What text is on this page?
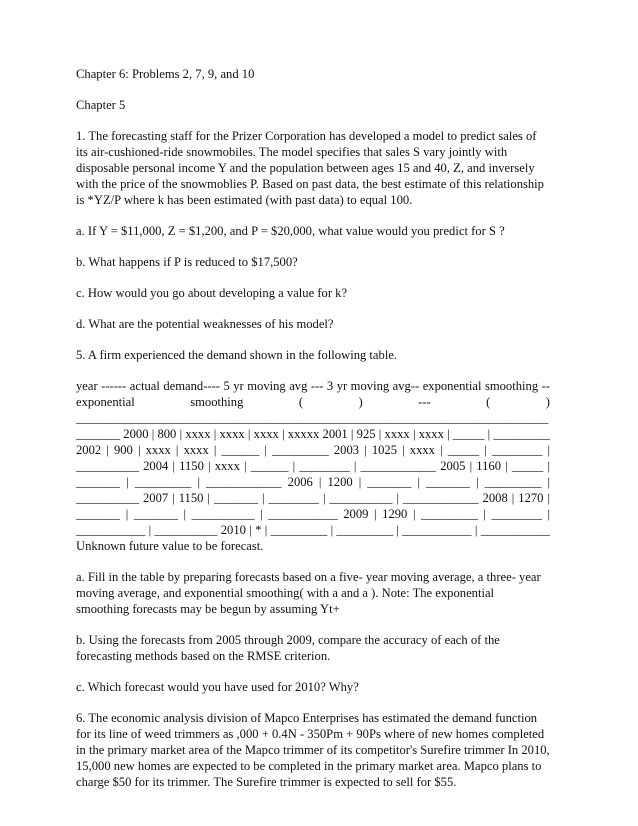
Chapter 6: Problems 2, 7, 9, and 10

Chapter 5

1. The forecasting staff for the Prizer Corporation has developed a model to predict sales of its air-cushioned-ride snowmobiles. The model specifies that sales S vary jointly with disposable personal income Y and the population between ages 15 and 40, Z, and inversely with the price of the snowmoblies P. Based on past data, the best estimate of this relationship is *YZ/P where k has been estimated (with past data) to equal 100.

a. If Y = $11,000, Z = $1,200, and P = $20,000, what value would you predict for S ?

b. What happens if P is reduced to $17,500?

c. How would you go about developing a value for k?

d. What are the potential weaknesses of his model?

5. A firm experienced the demand shown in the following table.

year ------ actual demand---- 5 yr moving avg --- 3 yr moving avg-- exponential smoothing -- exponential smoothing ( ) --- ( ) __________________________________________________________________________________ 2000 | 800 | xxxx | xxxx | xxxx | xxxxx 2001 | 925 | xxxx | xxxx | _____ | _________ 2002 | 900 | xxxx | xxxx | ______ | _________ 2003 | 1025 | xxxx | _____ | ________ | __________ 2004 | 1150 | xxxx | ______ | ________ | ____________ 2005 | 1160 | _____ | _______ | _________ | ____________ 2006 | 1200 | _______ | _______ | _________ | __________ 2007 | 1150 | _______ | ________ | __________ | ____________ 2008 | 1270 | _______ | _______ | __________ | ___________ 2009 | 1290 | _________ | ________ | ___________ | __________ 2010 | * | _________ | _________ | ___________ | ___________ Unknown future value to be forecast.

a. Fill in the table by preparing forecasts based on a five- year moving average, a three- year moving average, and exponential smoothing( with a and a ). Note: The exponential smoothing forecasts may be begun by assuming Yt+

b. Using the forecasts from 2005 through 2009, compare the accuracy of each of the forecasting methods based on the RMSE criterion.

c. Which forecast would you have used for 2010? Why?

6. The economic analysis division of Mapco Enterprises has estimated the demand function for its line of weed trimmers as ,000 + 0.4N - 350Pm + 90Ps where of new homes completed in the primary market area of the Mapco trimmer of its competitor's Surefire trimmer In 2010, 15,000 new homes are expected to be completed in the primary market area. Mapco plans to charge $50 for its trimmer. The Surefire trimmer is expected to sell for $55.
